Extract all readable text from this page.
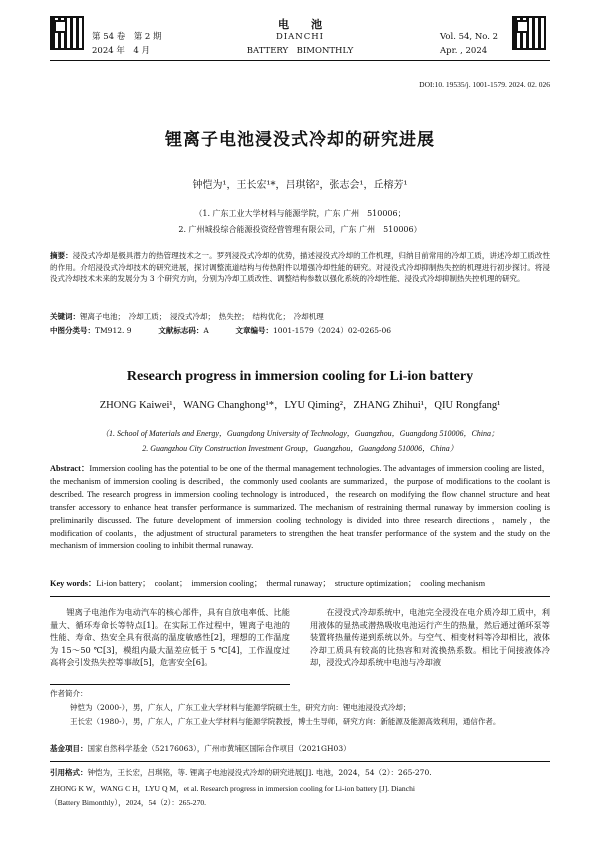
第 54 卷　第 2 期
2024 年　4 月
电　　池
DIANCHI
BATTERY　BIMONTHLY
Vol. 54, No. 2
Apr. , 2024
DOI:10. 19535/j. 1001-1579. 2024. 02. 026
锂离子电池浸没式冷却的研究进展
钟恺为¹，王长宏¹*，吕琪铭²，张志会¹，丘榕芳¹
（1. 广东工业大学材料与能源学院，广东 广州　510006；
2. 广州城投综合能源投资经营管理有限公司，广东 广州　510006）
摘要：浸没式冷却是极具潜力的热管理技术之一。罗列浸没式冷却的优势，描述浸没式冷却的工作机理，归纳目前常用的冷却工质，讲述冷却工质改性的作用。介绍浸没式冷却技术的研究进展，探讨调整流道结构与传热附件以增强冷却性能的研究。对浸没式冷却抑制热失控的机理进行初步探讨。将浸没式冷却技术未来的发展分为 3 个研究方向，分别为冷却工质改性、调整结构参数以强化系统的冷却性能、浸没式冷却抑制热失控机理的研究。
关键词：锂离子电池；　冷却工质；　浸没式冷却；　热失控；　结构优化；　冷却机理
中图分类号：TM912. 9	文献标志码：A	文章编号：1001-1579（2024）02-0265-06
Research progress in immersion cooling for Li-ion battery
ZHONG Kaiwei¹，WANG Changhong¹*，LYU Qiming²，ZHANG Zhihui¹，QIU Rongfang¹
（1. School of Materials and Energy，Guangdong University of Technology，Guangzhou，Guangdong 510006，China；
2. Guangzhou City Construction Investment Group，Guangzhou，Guangdong 510006，China）
Abstract：Immersion cooling has the potential to be one of the thermal management technologies. The advantages of immersion cooling are listed，the mechanism of immersion cooling is described，the commonly used coolants are summarized，the purpose of modifications to the coolant is described. The research progress in immersion cooling technology is introduced，the research on modifying the flow channel structure and heat transfer accessory to enhance heat transfer performance is summarized. The mechanism of restraining thermal runaway by immersion cooling is preliminarily discussed. The future development of immersion cooling technology is divided into three research directions，namely，the modification of coolants，the adjustment of structural parameters to strengthen the heat transfer performance of the system and the study on the mechanism of immersion cooling to inhibit thermal runaway.
Key words：Li-ion battery；　coolant；　immersion cooling；　thermal runaway；　structure optimization；　cooling mechanism
锂离子电池作为电动汽车的核心部件，具有自放电率低、比能量大、循环寿命长等特点[1]。在实际工作过程中，锂离子电池的性能、寿命、热安全具有很高的温度敏感性[2]，理想的工作温度为 15～50 ℃[3]，模组内最大温差应低于 5 ℃[4]，工作温度过高将会引发热失控等事故[5]，危害安全[6]。
在浸没式冷却系统中，电池完全浸没在电介质冷却工质中，利用液体的显热或潜热吸收电池运行产生的热量，然后通过循环泵等装置将热量传递到系统以外。与空气、相变材料等冷却相比，液体冷却工质具有较高的比热容和对流换热系数。相比于间接液体冷却，浸没式冷却系统中电池与冷却液
作者简介：
钟恺为（2000-），男，广东人，广东工业大学材料与能源学院硕士生，研究方向：锂电池浸没式冷却；
王长宏（1980-），男，广东人，广东工业大学材料与能源学院教授，博士生导师，研究方向：新能源及能源高效利用，通信作者。
基金项目：国家自然科学基金（52176063），广州市黄埔区国际合作项目（2021GH03）
引用格式：钟恺为，王长宏，吕琪铭，等. 锂离子电池浸没式冷却的研究进展[J]. 电池，2024，54（2）：265-270.
ZHONG K W，WANG C H，LYU Q M，et al. Research progress in immersion cooling for Li-ion battery [J]. Dianchi
（Battery Bimonthly），2024，54（2）：265-270.
